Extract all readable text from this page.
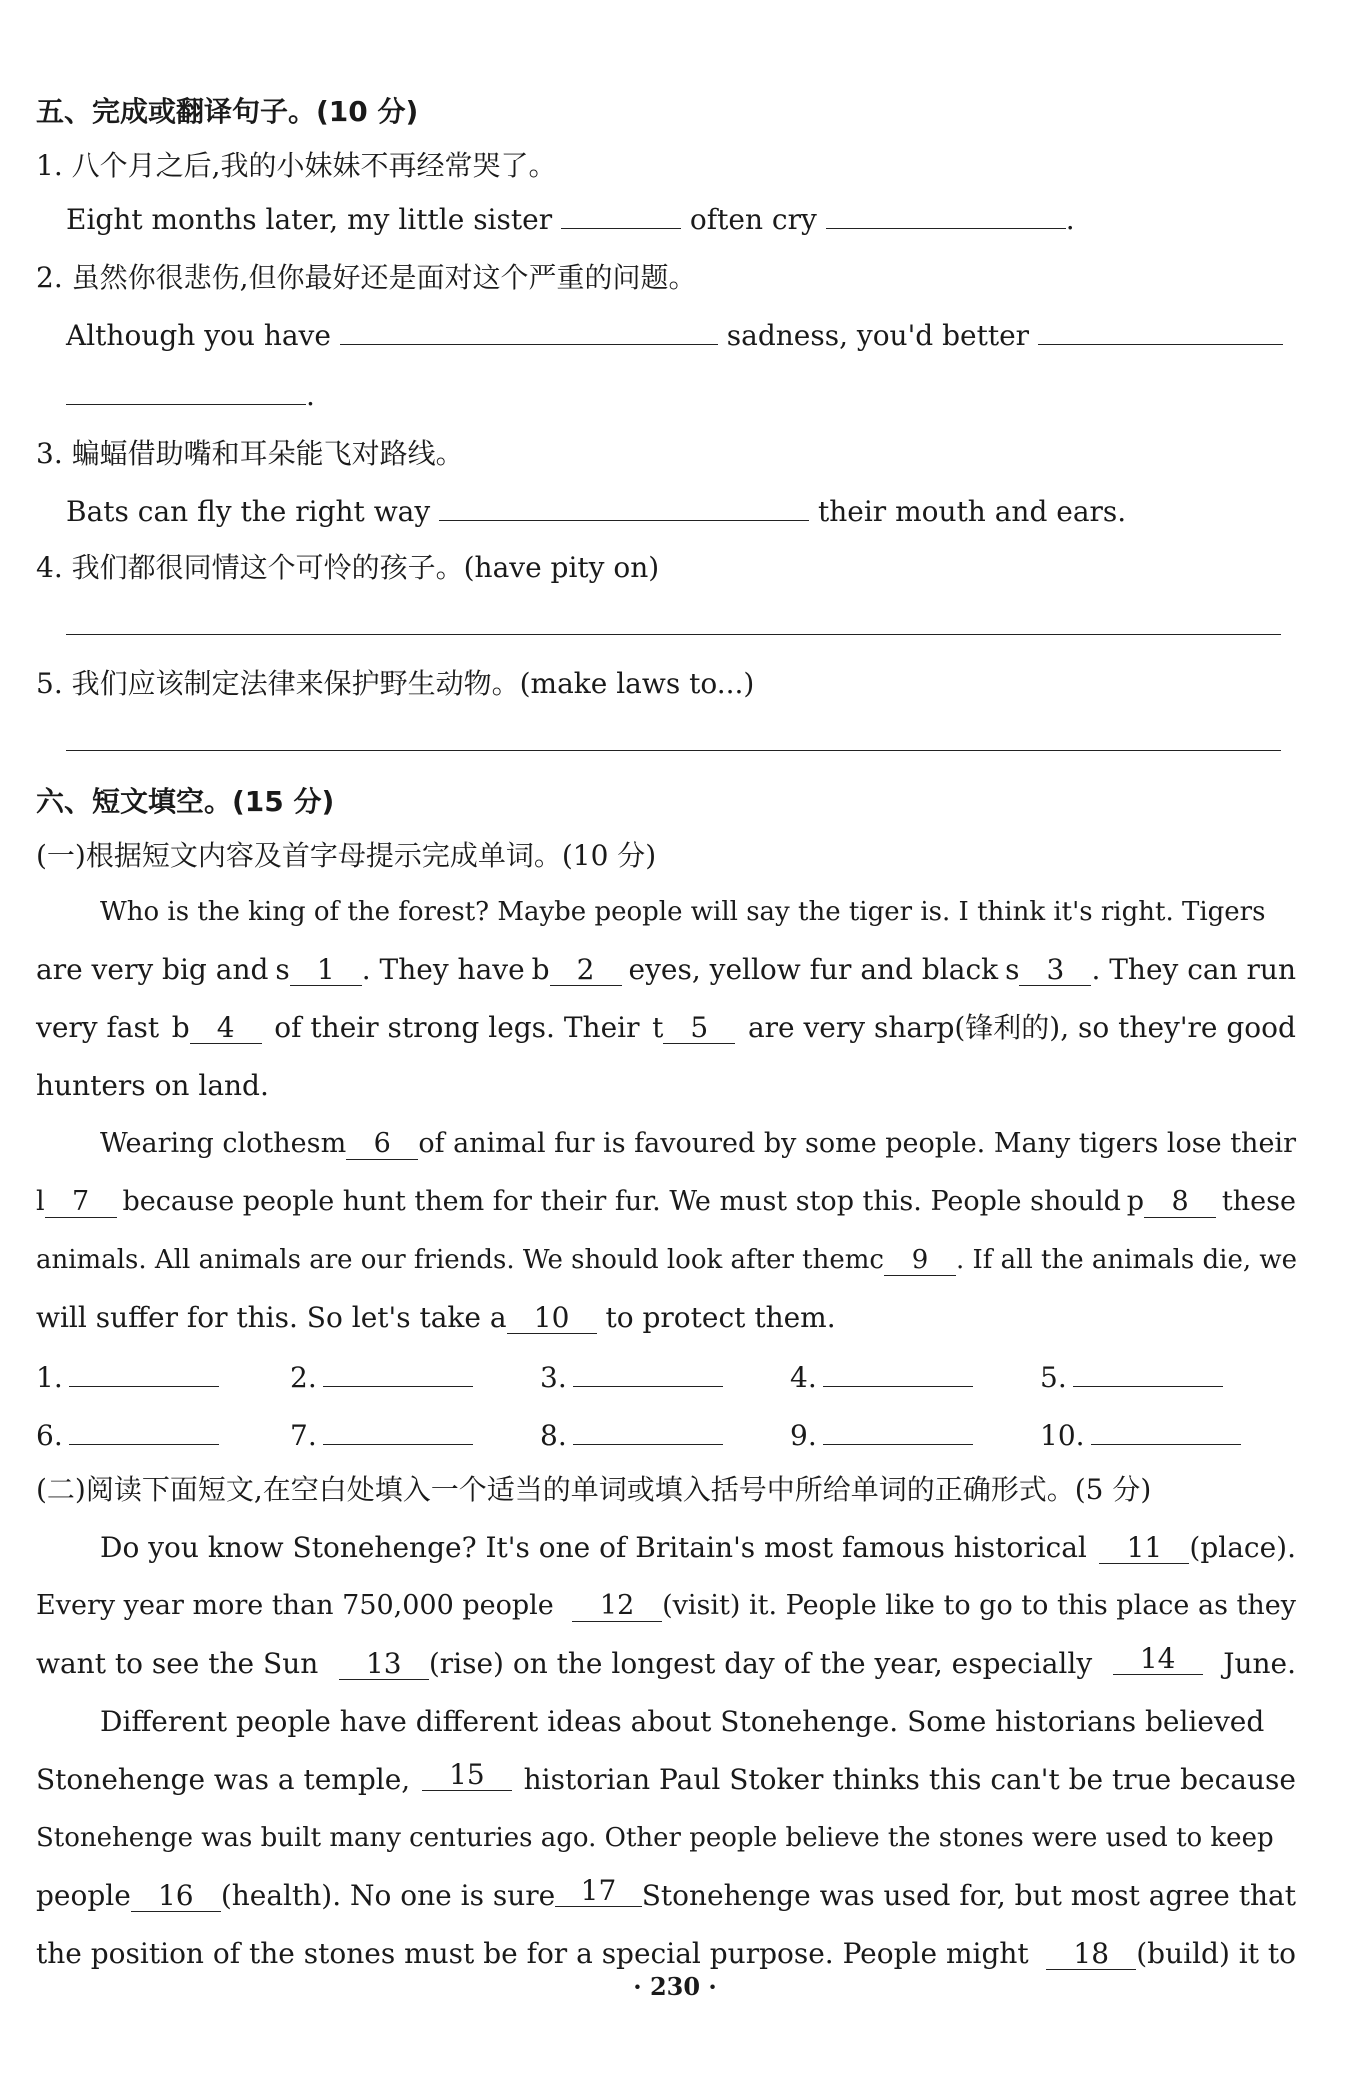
五、完成或翻译句子。(10 分)
1. 八个月之后,我的小妹妹不再经常哭了。
Eight months later, my little sister	often cry	.
2. 虽然你很悲伤,但你最好还是面对这个严重的问题。
Although you have	sadness, you'd better
.
3. 蝙蝠借助嘴和耳朵能飞对路线。
Bats can fly the right way	their mouth and ears.
4. 我们都很同情这个可怜的孩子。(have pity on)
5. 我们应该制定法律来保护野生动物。(make laws to...)
六、短文填空。(15 分)
(一)根据短文内容及首字母提示完成单词。(10 分)
Who is the king of the forest? Maybe people will say the tiger is. I think it's right. Tigers
are very big and s 1 . They have b 2	eyes, yellow fur and black s 3 . They can run
very fast b 4	of their strong legs. Their t 5	are very sharp(锋利的), so they're good
hunters on land.
Wearing clothes m 6	of animal fur is favoured by some people. Many tigers lose their
l 7	because people hunt them for their fur. We must stop this. People should p 8	these
animals. All animals are our friends. We should look after them c 9 . If all the animals die, we
will suffer for this. So let's take a 10 to protect them.
1.	2.	3.	4.	5.
6.	7.	8.	9.	10.
(二)阅读下面短文,在空白处填入一个适当的单词或填入括号中所给单词的正确形式。(5 分)
Do you know Stonehenge? It's one of Britain's most famous historical	11 (place).
Every year more than 750,000 people	12 (visit) it. People like to go to this place as they
want to see the Sun	13 (rise) on the longest day of the year, especially	14	June.
Different people have different ideas about Stonehenge. Some historians believed
Stonehenge was a temple,	15	historian Paul Stoker thinks this can't be true because
Stonehenge was built many centuries ago. Other people believe the stones were used to keep
people 16 (health). No one is sure 17 Stonehenge was used for, but most agree that
the position of the stones must be for a special purpose. People might	18 (build) it to
· 230 ·
